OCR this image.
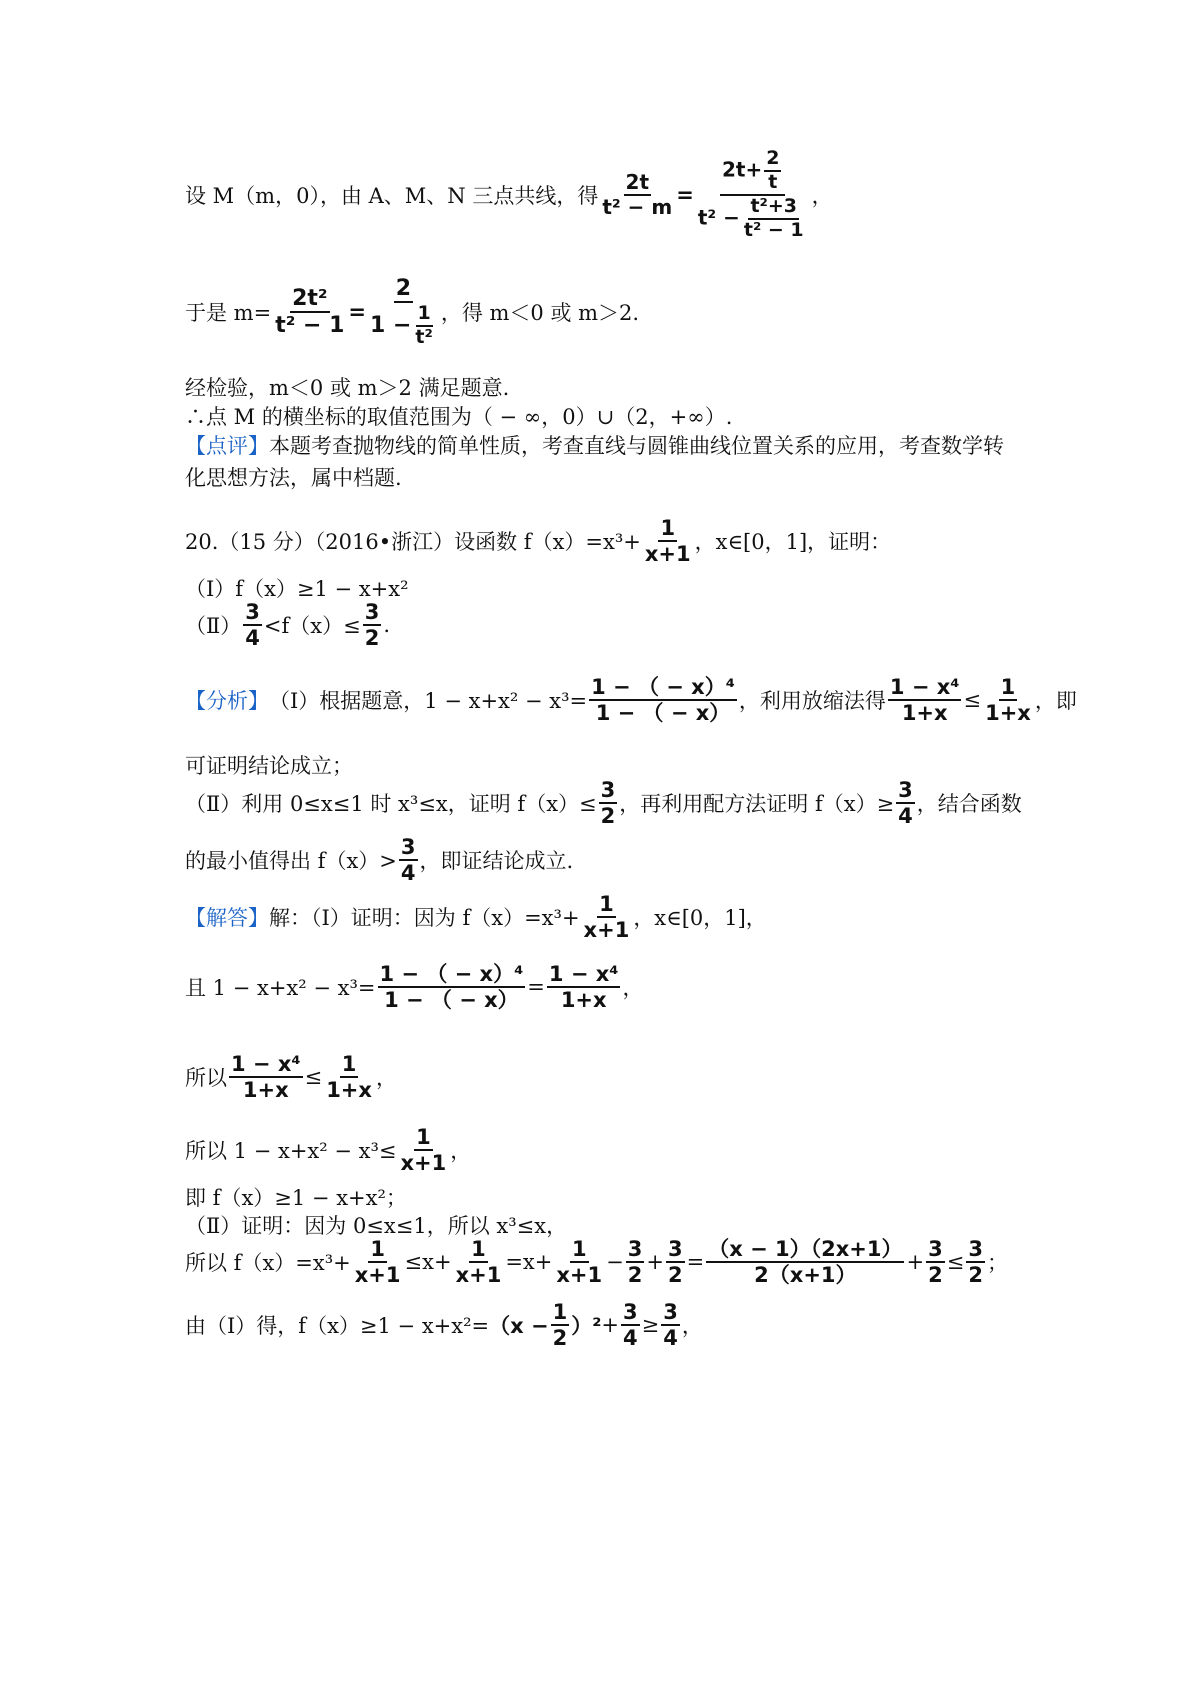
设 M（m，0），由 A、M、N 三点共线，得 $\frac{2t}{\text{t² − m}} = \frac{2t+ \frac{2}{t}}{t^2 - \frac{\text{t²+3}}{\text{t² − 1}}}$ ，
于是 $m= \frac{\text{2t²}}{\text{t² − 1}} = \frac{2}{1 - \frac{1}{\text{t²}}}$ ，得 m＜0 或 m＞2.
经检验，m＜0 或 m＞2 满足题意.
∴点 M 的横坐标的取值范围为（ − ∞，0）∪（2，+∞）.
【点评】 本题考查抛物线的简单性质，考查直线与圆锥曲线位置关系的应用，考查数学转
化思想方法，属中档题.
20.（15 分）（2016•浙江）设函数 $f(x)=x^3+ \frac{1}{x+1}$ ，x∈[0，1]，证明：
（Ⅰ）f（x）≥1 − x+x²
（Ⅱ） $\frac{3}{4} <f(x)\le \frac{3}{2}$ .
【分析】 （Ⅰ）根据题意，$1 - x+x^2 - x^3= \frac{\text{1 − （ − x）⁴}}{1 - ( - x)}$ ，利用放缩法得 $\frac{\text{1 − x⁴}}{1+x} \le \frac{1}{1+x}$ ，即
可证明结论成立；
（Ⅱ）利用 0≤x≤1 时 x³≤x，证明 $f(x)\le \frac{3}{2}$ ，再利用配方法证明 $f(x)\ge \frac{3}{4}$ ，结合函数
的最小值得出 $f(x)> \frac{3}{4}$ ，即证结论成立.
【解答】 解：（Ⅰ）证明：因为 $f(x)=x^3+ \frac{1}{x+1}$ ，x∈[0，1]，
且 $1 - x+x^2 - x^3= \frac{\text{1 − （ − x）⁴}}{1 - ( - x)} = \frac{\text{1 − x⁴}}{1+x}$ ，
所以 $\frac{\text{1 − x⁴}}{1+x} \le \frac{1}{1+x}$ ，
所以 $1 - x+x^2 - x^3\le \frac{1}{x+1}$ ，
即 f（x）≥1 − x+x²；
（Ⅱ）证明：因为 0≤x≤1，所以 x³≤x，
所以 $f(x)=x^3+ \frac{1}{x+1} \le x+ \frac{1}{x+1} =x+ \frac{1}{x+1} - \frac{3}{2} + \frac{3}{2} = \frac{(x - 1)(2x+1)}{2(x+1)} + \frac{3}{2} \le \frac{3}{2}$ ；
由（Ⅰ）得，$f(x)\ge 1 - x+x^2= (x - \frac{1}{2} )^2 + \frac{3}{4} \ge \frac{3}{4}$ ，
